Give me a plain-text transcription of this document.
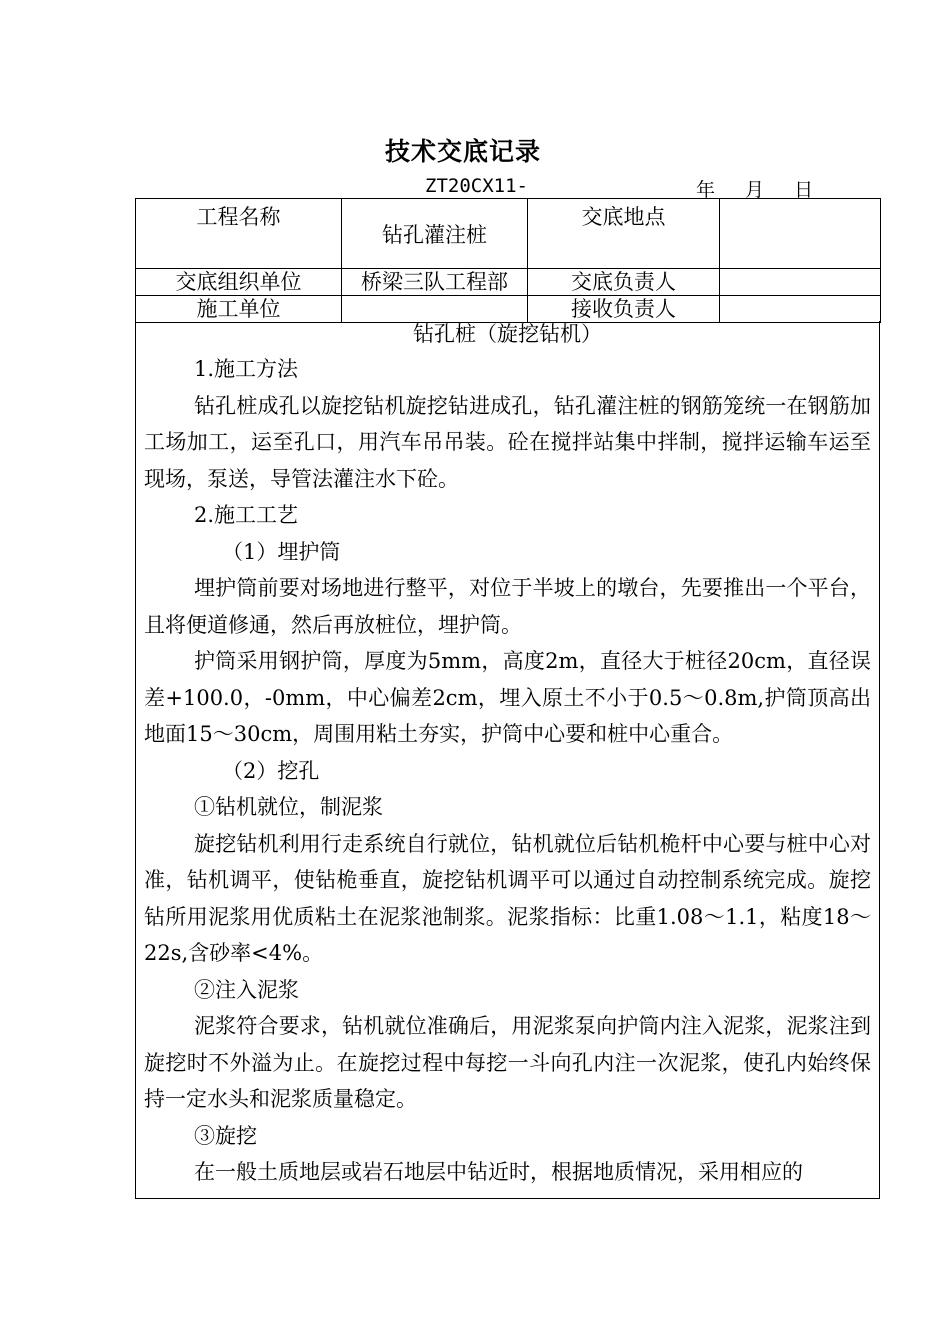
技术交底记录
ZT20CX11-	年 月 日
工程名称	钻孔灌注桩	交底地点	
交底组织单位	桥梁三队工程部	交底负责人	
施工单位		接收负责人	

钻孔桩（旋挖钻机）

1.施工方法

钻孔桩成孔以旋挖钻机旋挖钻进成孔，钻孔灌注桩的钢筋笼统一在钢筋加工场加工，运至孔口，用汽车吊吊装。砼在搅拌站集中拌制，搅拌运输车运至现场，泵送，导管法灌注水下砼。

2.施工工艺

（1）埋护筒

埋护筒前要对场地进行整平，对位于半坡上的墩台，先要推出一个平台，且将便道修通，然后再放桩位，埋护筒。

护筒采用钢护筒，厚度为5mm，高度2m，直径大于桩径20cm，直径误差+100.0，-0mm，中心偏差2cm，埋入原土不小于0.5～0.8m,护筒顶高出地面15～30cm，周围用粘土夯实，护筒中心要和桩中心重合。

（2）挖孔

①钻机就位，制泥浆

旋挖钻机利用行走系统自行就位，钻机就位后钻机桅杆中心要与桩中心对准，钻机调平，使钻桅垂直，旋挖钻机调平可以通过自动控制系统完成。旋挖钻所用泥浆用优质粘土在泥浆池制浆。泥浆指标：比重1.08～1.1，粘度18～22s,含砂率<4%。

②注入泥浆

泥浆符合要求，钻机就位准确后，用泥浆泵向护筒内注入泥浆，泥浆注到旋挖时不外溢为止。在旋挖过程中每挖一斗向孔内注一次泥浆，使孔内始终保持一定水头和泥浆质量稳定。

③旋挖

在一般土质地层或岩石地层中钻近时，根据地质情况，采用相应的
